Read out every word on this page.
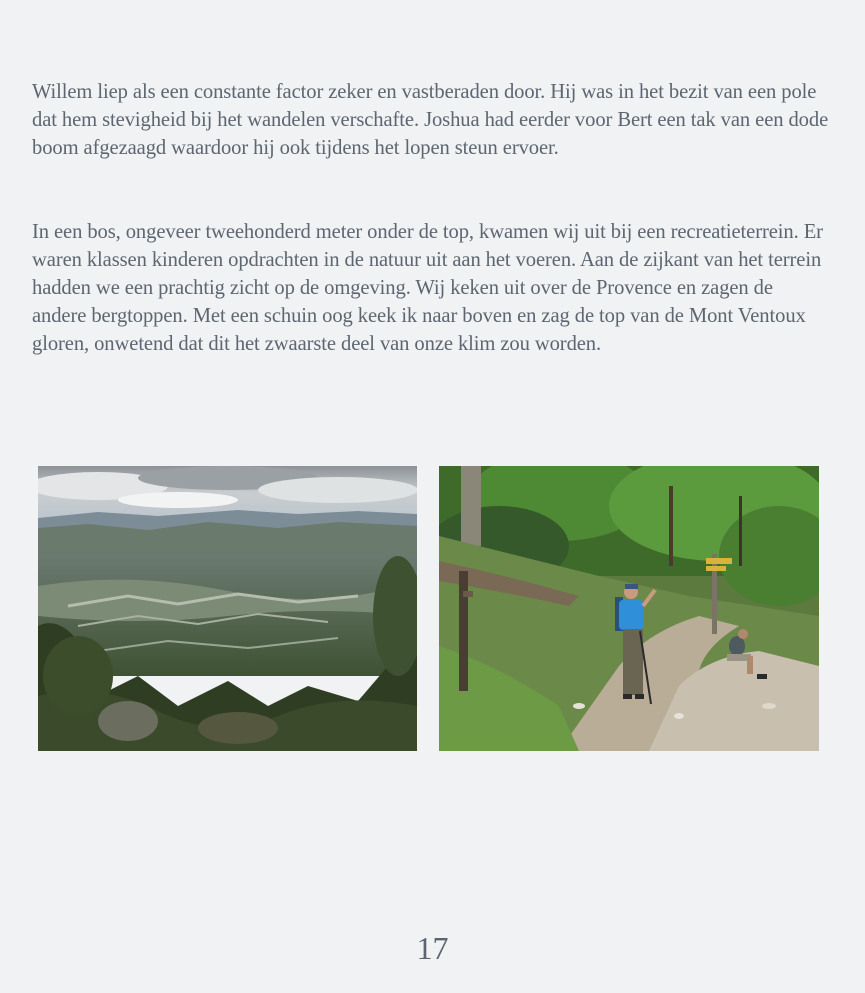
Willem liep als een constante factor zeker en vastberaden door. Hij was in het bezit van een pole dat hem stevigheid bij het wandelen verschafte. Joshua had eerder voor Bert een tak van een dode boom afgezaagd waardoor hij ook tijdens het lopen steun ervoer.

In een bos, ongeveer tweehonderd meter onder de top, kwamen wij uit bij een recreatieterrein. Er waren klassen kinderen opdrachten in de natuur uit aan het voeren. Aan de zijkant van het terrein hadden we een prachtig zicht op de omgeving. Wij keken uit over de Provence en zagen de andere bergtoppen. Met een schuin oog keek ik naar boven en zag de top van de Mont Ventoux gloren, onwetend dat dit het zwaarste deel van onze klim zou worden.

17
